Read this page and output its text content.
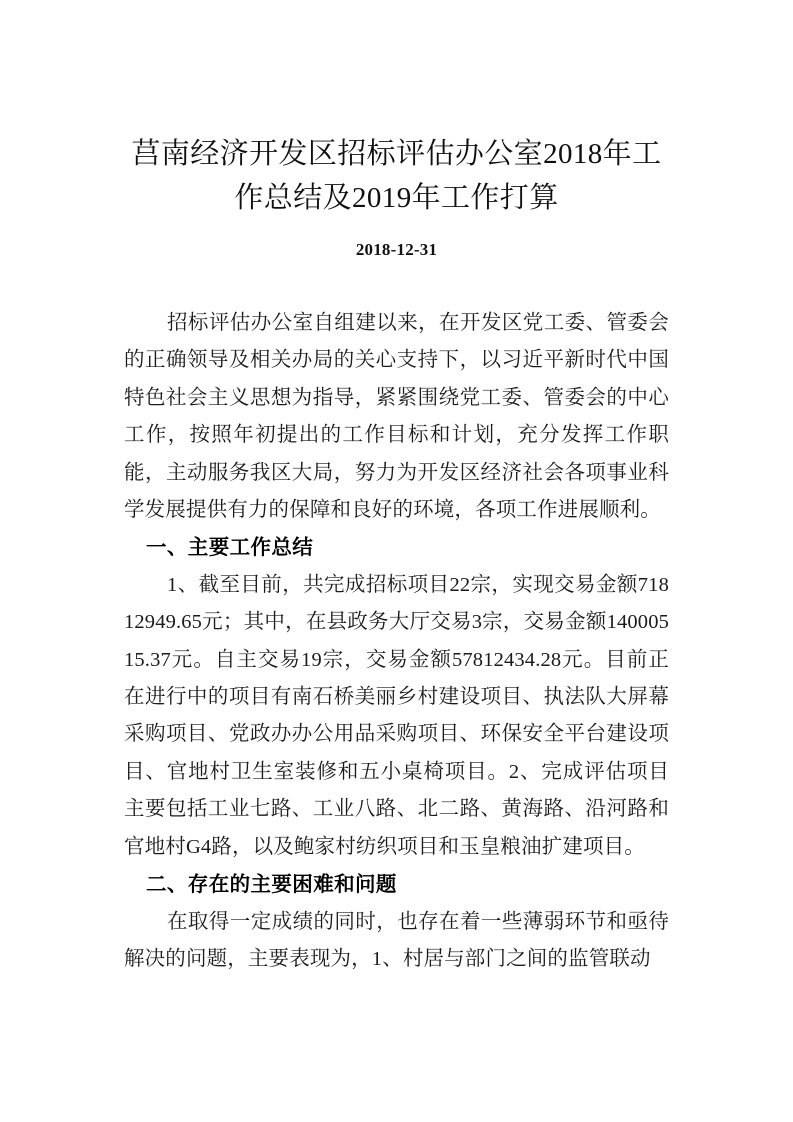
莒南经济开发区招标评估办公室2018年工作总结及2019年工作打算
2018-12-31

招标评估办公室自组建以来，在开发区党工委、管委会的正确领导及相关办局的关心支持下，以习近平新时代中国特色社会主义思想为指导，紧紧围绕党工委、管委会的中心工作，按照年初提出的工作目标和计划，充分发挥工作职能，主动服务我区大局，努力为开发区经济社会各项事业科学发展提供有力的保障和良好的环境，各项工作进展顺利。

一、主要工作总结

1、截至目前，共完成招标项目22宗，实现交易金额71812949.65元；其中，在县政务大厅交易3宗，交易金额14000515.37元。自主交易19宗，交易金额57812434.28元。目前正在进行中的项目有南石桥美丽乡村建设项目、执法队大屏幕采购项目、党政办办公用品采购项目、环保安全平台建设项目、官地村卫生室装修和五小桌椅项目。2、完成评估项目主要包括工业七路、工业八路、北二路、黄海路、沿河路和官地村G4路，以及鲍家村纺织项目和玉皇粮油扩建项目。

二、存在的主要困难和问题

在取得一定成绩的同时，也存在着一些薄弱环节和亟待解决的问题，主要表现为，1、村居与部门之间的监管联动
